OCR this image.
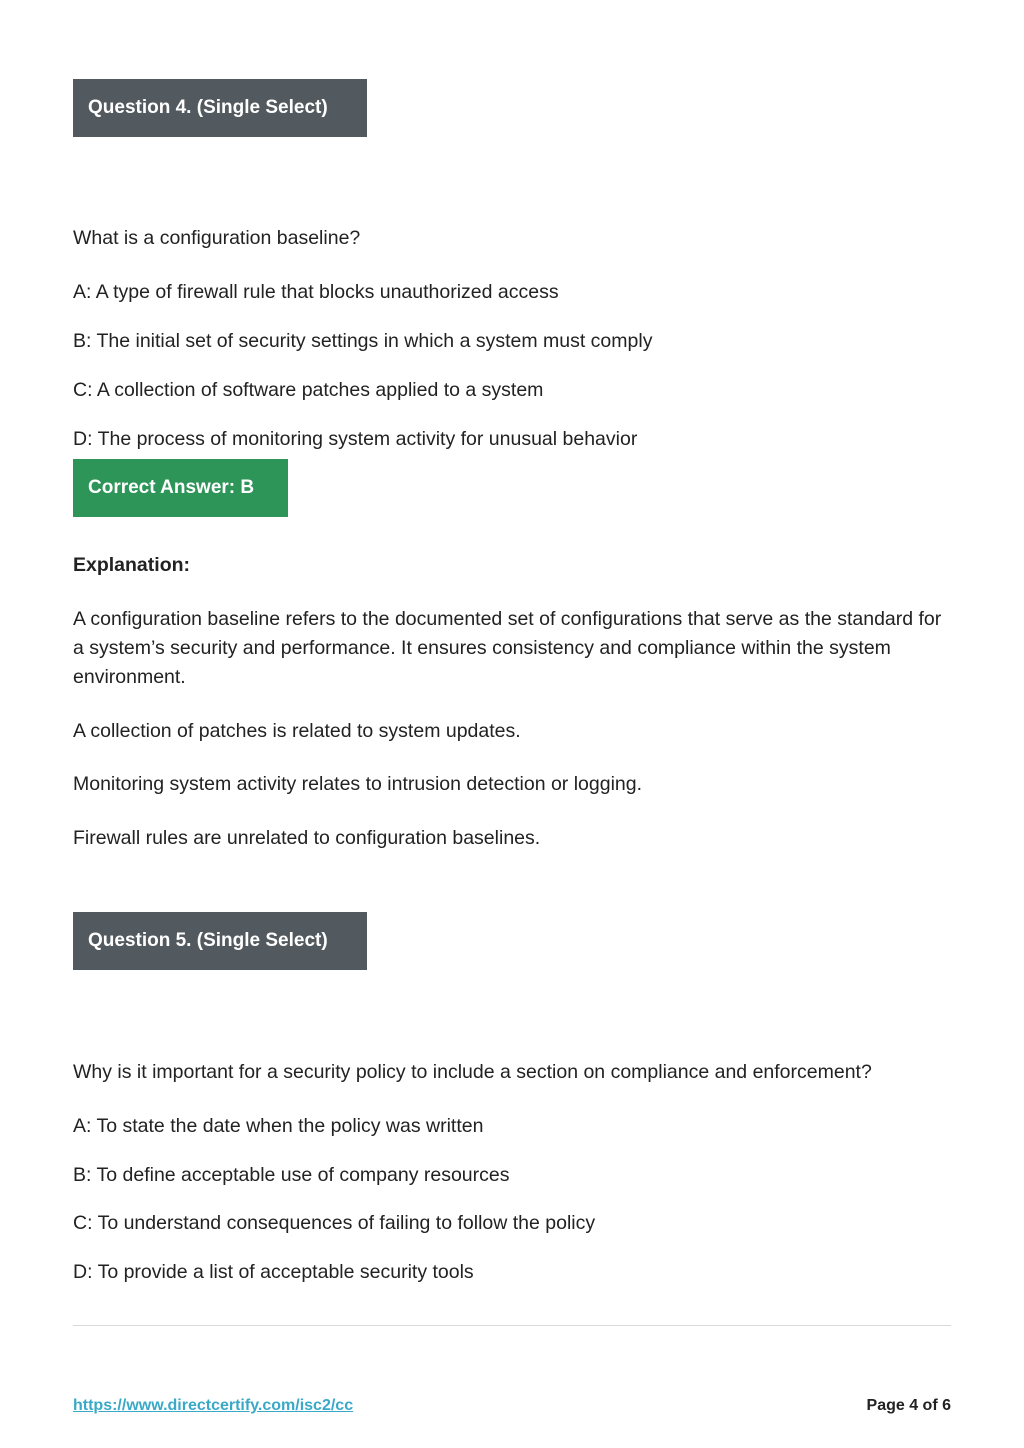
Question 4. (Single Select)
What is a configuration baseline?
A: A type of firewall rule that blocks unauthorized access
B: The initial set of security settings in which a system must comply
C: A collection of software patches applied to a system
D: The process of monitoring system activity for unusual behavior
Correct Answer: B
Explanation:
A configuration baseline refers to the documented set of configurations that serve as the standard for a system’s security and performance. It ensures consistency and compliance within the system environment.
A collection of patches is related to system updates.
Monitoring system activity relates to intrusion detection or logging.
Firewall rules are unrelated to configuration baselines.
Question 5. (Single Select)
Why is it important for a security policy to include a section on compliance and enforcement?
A: To state the date when the policy was written
B: To define acceptable use of company resources
C: To understand consequences of failing to follow the policy
D: To provide a list of acceptable security tools
https://www.directcertify.com/isc2/cc	Page 4 of 6
